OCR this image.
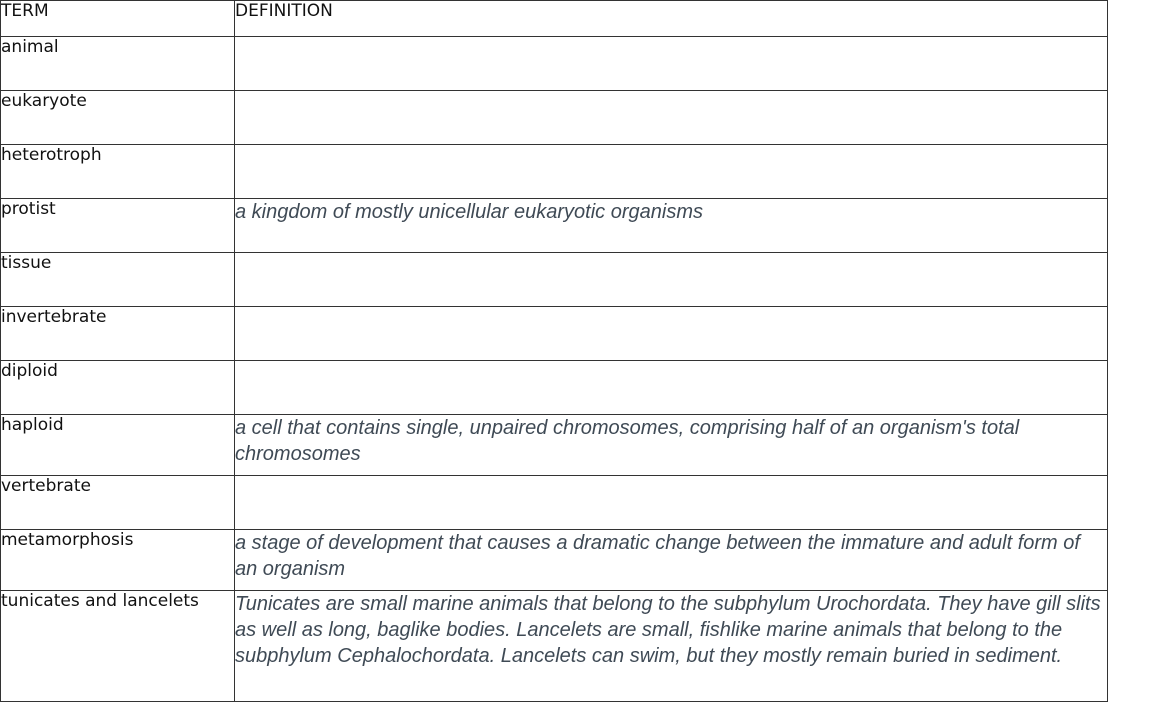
TERM	DEFINITION
animal	
eukaryote	
heterotroph	
protist	a kingdom of mostly unicellular eukaryotic organisms
tissue	
invertebrate	
diploid	
haploid	a cell that contains single, unpaired chromosomes, comprising half of an organism's total chromosomes
vertebrate	
metamorphosis	a stage of development that causes a dramatic change between the immature and adult form of an organism
tunicates and lancelets	Tunicates are small marine animals that belong to the subphylum Urochordata. They have gill slits as well as long, baglike bodies. Lancelets are small, fishlike marine animals that belong to the subphylum Cephalochordata. Lancelets can swim, but they mostly remain buried in sediment.
